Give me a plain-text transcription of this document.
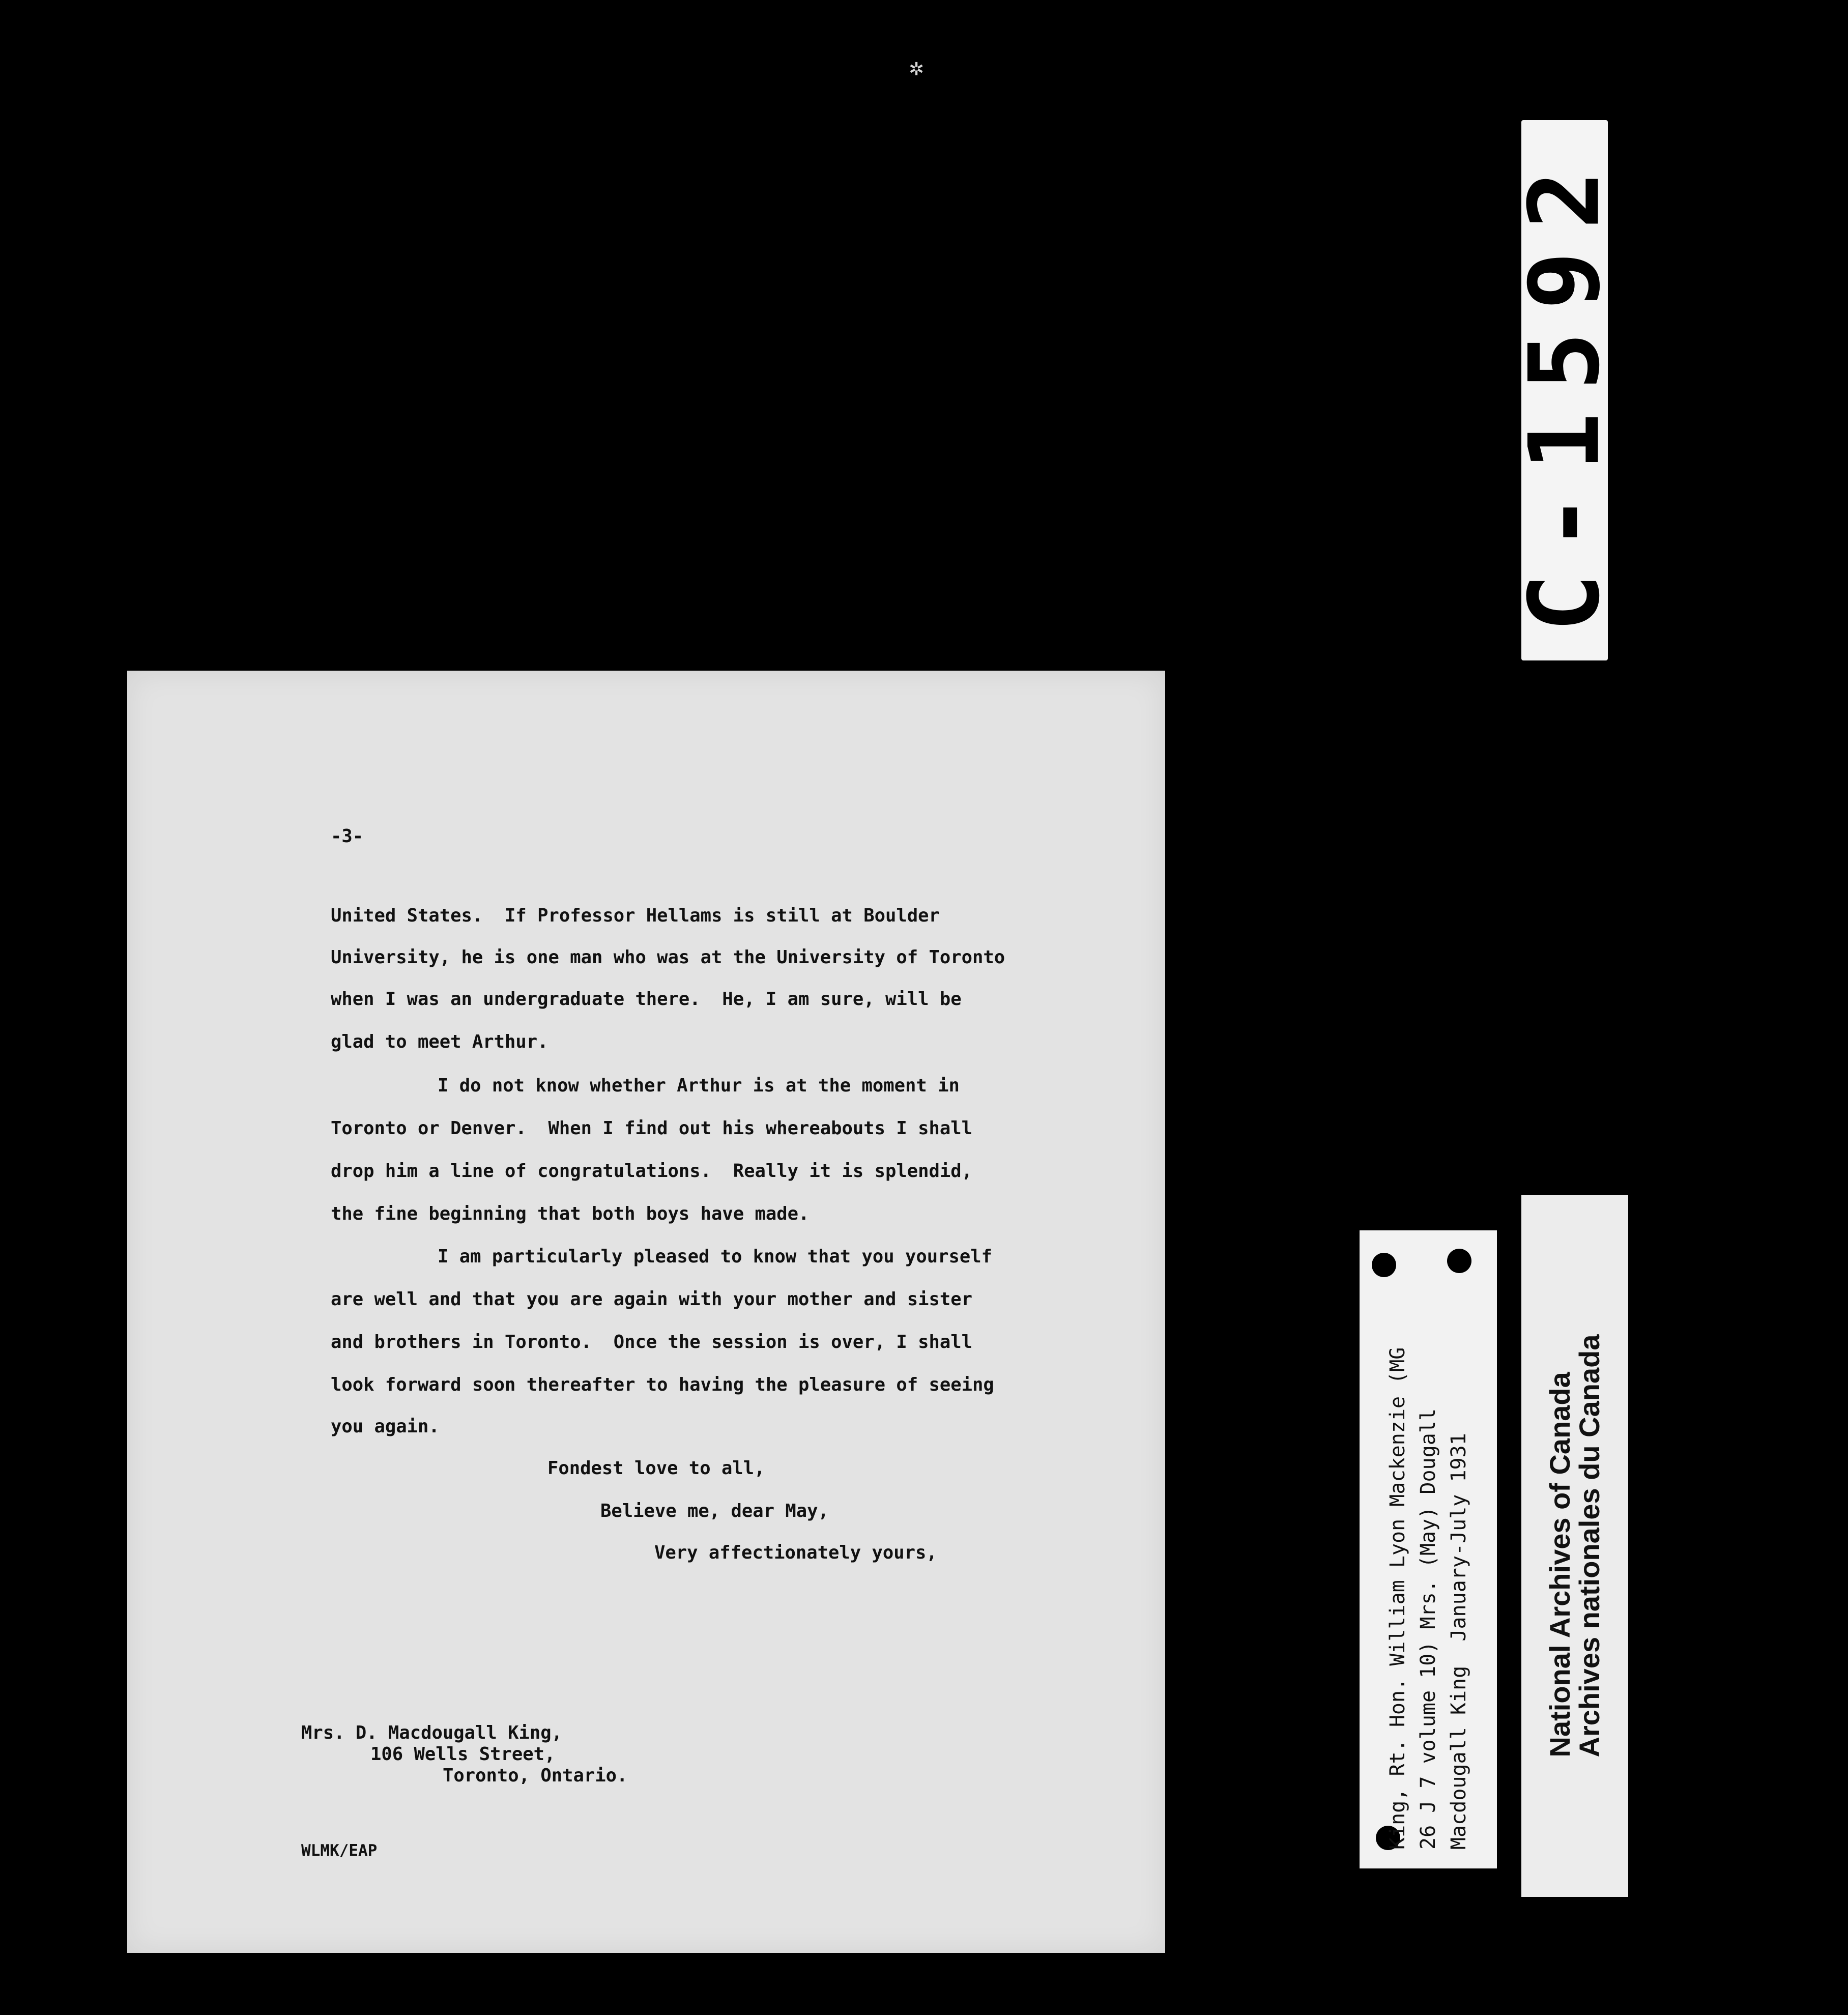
✲
C-1592
-3-
United States.  If Professor Hellams is still at Boulder
University, he is one man who was at the University of Toronto
when I was an undergraduate there.  He, I am sure, will be
glad to meet Arthur.
I do not know whether Arthur is at the moment in
Toronto or Denver.  When I find out his whereabouts I shall
drop him a line of congratulations.  Really it is splendid,
the fine beginning that both boys have made.
I am particularly pleased to know that you yourself
are well and that you are again with your mother and sister
and brothers in Toronto.  Once the session is over, I shall
look forward soon thereafter to having the pleasure of seeing
you again.
Fondest love to all,
Believe me, dear May,
Very affectionately yours,
Mrs. D. Macdougall King,
106 Wells Street,
Toronto, Ontario.
WLMK/EAP
King, Rt. Hon. William Lyon Mackenzie (MG 26 J 7 volume 10) Mrs. (May) Dougall Macdougall King  January-July 1931	National Archives of Canada
Archives nationales du Canada
